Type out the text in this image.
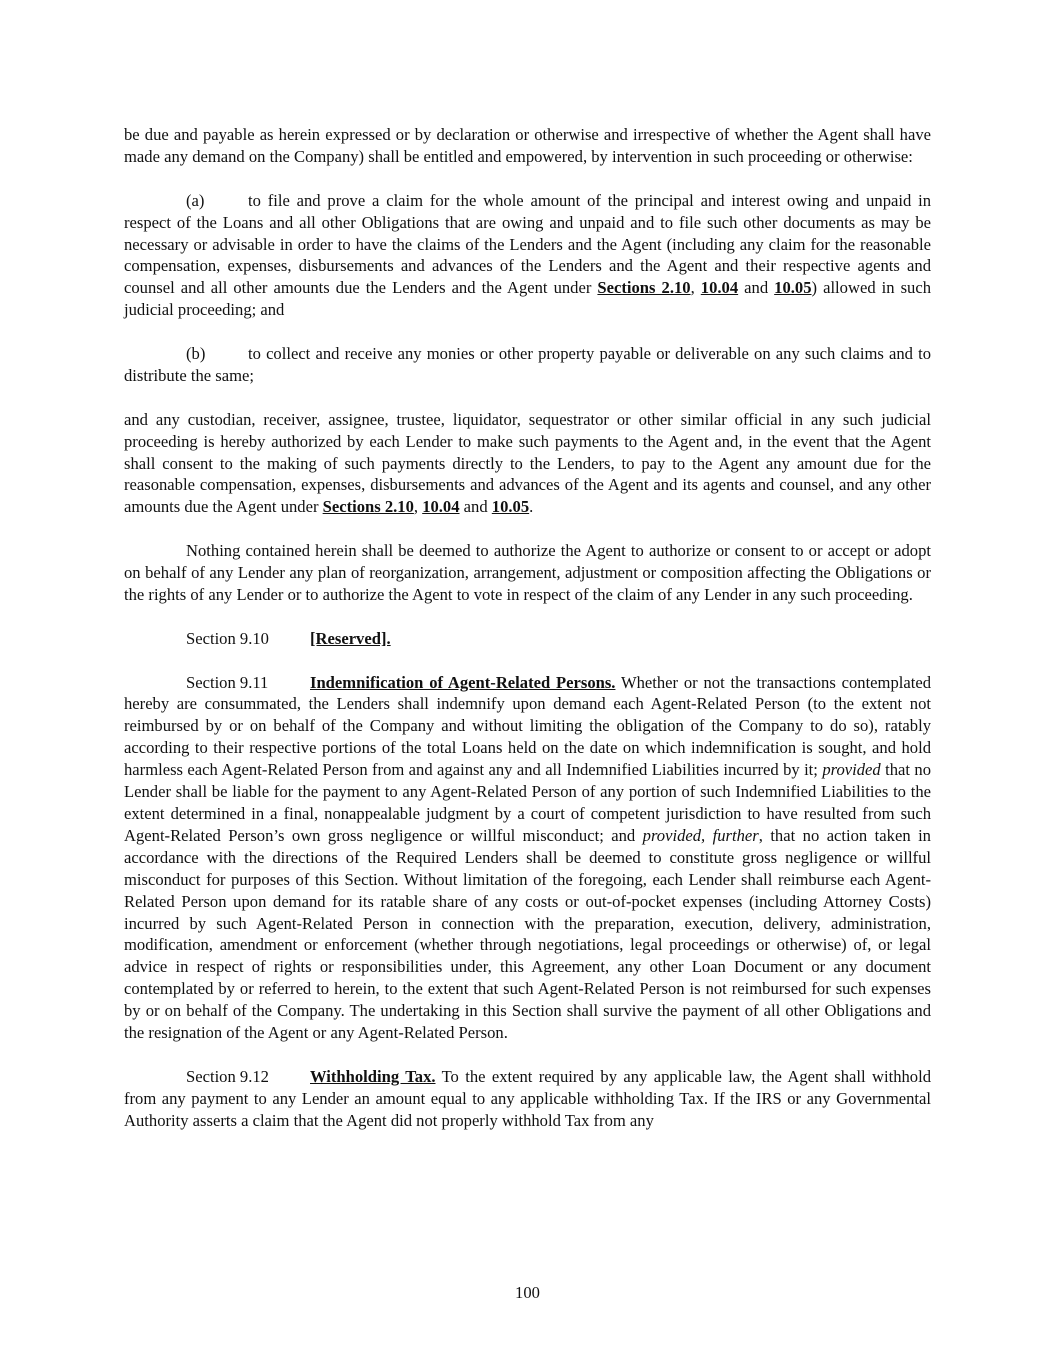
be due and payable as herein expressed or by declaration or otherwise and irrespective of whether the Agent shall have made any demand on the Company) shall be entitled and empowered, by intervention in such proceeding or otherwise:

(a)	to file and prove a claim for the whole amount of the principal and interest owing and unpaid in respect of the Loans and all other Obligations that are owing and unpaid and to file such other documents as may be necessary or advisable in order to have the claims of the Lenders and the Agent (including any claim for the reasonable compensation, expenses, disbursements and advances of the Lenders and the Agent and their respective agents and counsel and all other amounts due the Lenders and the Agent under Sections 2.10, 10.04 and 10.05) allowed in such judicial proceeding; and

(b)	to collect and receive any monies or other property payable or deliverable on any such claims and to distribute the same;

and any custodian, receiver, assignee, trustee, liquidator, sequestrator or other similar official in any such judicial proceeding is hereby authorized by each Lender to make such payments to the Agent and, in the event that the Agent shall consent to the making of such payments directly to the Lenders, to pay to the Agent any amount due for the reasonable compensation, expenses, disbursements and advances of the Agent and its agents and counsel, and any other amounts due the Agent under Sections 2.10, 10.04 and 10.05.

Nothing contained herein shall be deemed to authorize the Agent to authorize or consent to or accept or adopt on behalf of any Lender any plan of reorganization, arrangement, adjustment or composition affecting the Obligations or the rights of any Lender or to authorize the Agent to vote in respect of the claim of any Lender in any such proceeding.

Section 9.10 [Reserved].

Section 9.11	Indemnification of Agent-Related Persons. Whether or not the transactions contemplated hereby are consummated, the Lenders shall indemnify upon demand each Agent-Related Person (to the extent not reimbursed by or on behalf of the Company and without limiting the obligation of the Company to do so), ratably according to their respective portions of the total Loans held on the date on which indemnification is sought, and hold harmless each Agent-Related Person from and against any and all Indemnified Liabilities incurred by it; provided that no Lender shall be liable for the payment to any Agent-Related Person of any portion of such Indemnified Liabilities to the extent determined in a final, nonappealable judgment by a court of competent jurisdiction to have resulted from such Agent-Related Person’s own gross negligence or willful misconduct; and provided, further, that no action taken in accordance with the directions of the Required Lenders shall be deemed to constitute gross negligence or willful misconduct for purposes of this Section. Without limitation of the foregoing, each Lender shall reimburse each Agent-Related Person upon demand for its ratable share of any costs or out-of-pocket expenses (including Attorney Costs) incurred by such Agent-Related Person in connection with the preparation, execution, delivery, administration, modification, amendment or enforcement (whether through negotiations, legal proceedings or otherwise) of, or legal advice in respect of rights or responsibilities under, this Agreement, any other Loan Document or any document contemplated by or referred to herein, to the extent that such Agent-Related Person is not reimbursed for such expenses by or on behalf of the Company. The undertaking in this Section shall survive the payment of all other Obligations and the resignation of the Agent or any Agent-Related Person.

Section 9.12 Withholding Tax. To the extent required by any applicable law, the Agent shall withhold from any payment to any Lender an amount equal to any applicable withholding Tax. If the IRS or any Governmental Authority asserts a claim that the Agent did not properly withhold Tax from any

100
